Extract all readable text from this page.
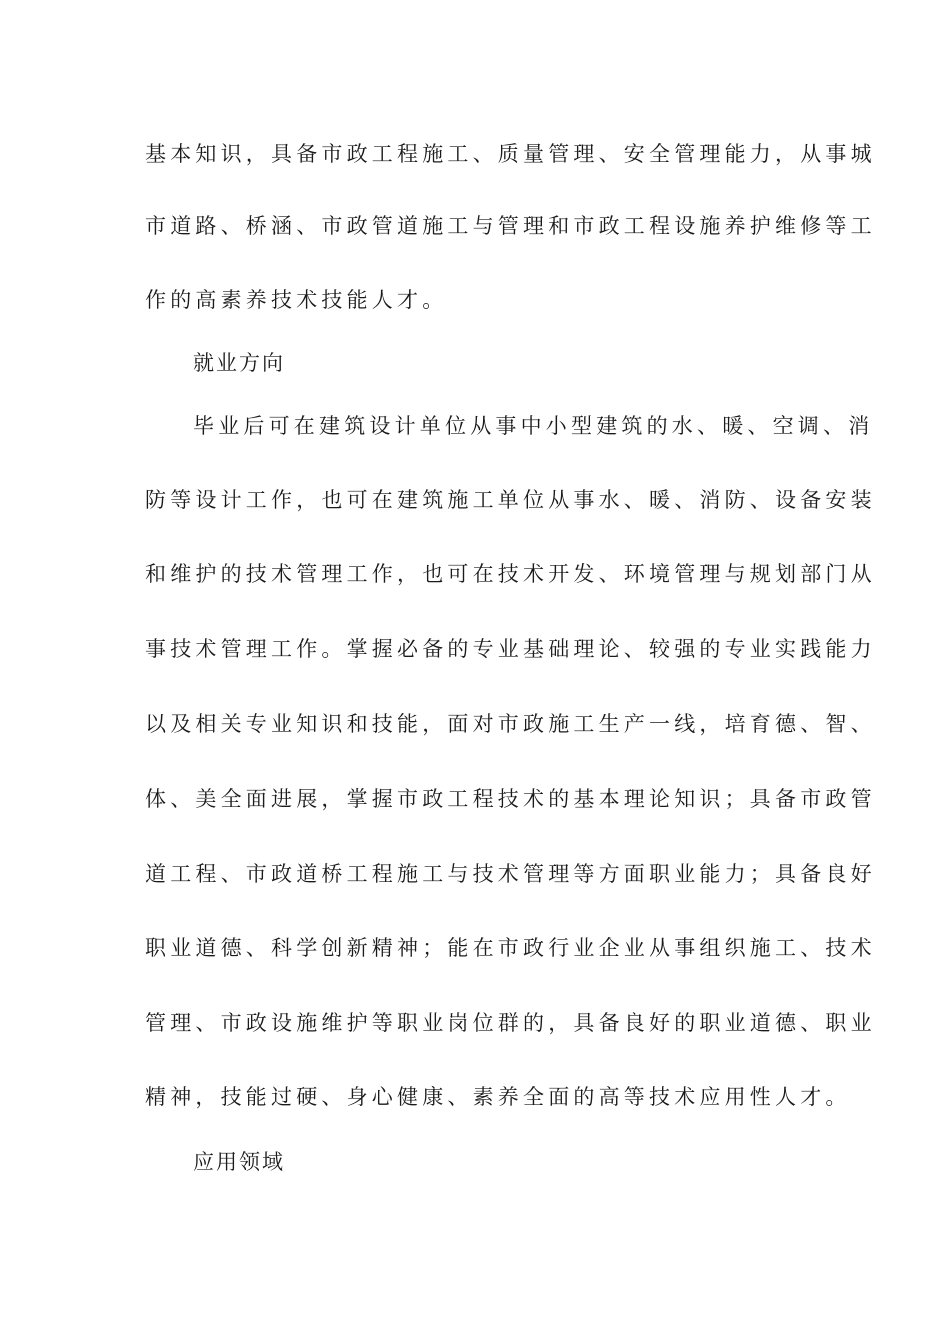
基本知识，具备市政工程施工、质量管理、安全管理能力，从事城
市道路、桥涵、市政管道施工与管理和市政工程设施养护维修等工
作的高素养技术技能人才。
就业方向
毕业后可在建筑设计单位从事中小型建筑的水、暖、空调、消
防等设计工作，也可在建筑施工单位从事水、暖、消防、设备安装
和维护的技术管理工作，也可在技术开发、环境管理与规划部门从
事技术管理工作。掌握必备的专业基础理论、较强的专业实践能力
以及相关专业知识和技能，面对市政施工生产一线，培育德、智、
体、美全面进展，掌握市政工程技术的基本理论知识；具备市政管
道工程、市政道桥工程施工与技术管理等方面职业能力；具备良好
职业道德、科学创新精神；能在市政行业企业从事组织施工、技术
管理、市政设施维护等职业岗位群的，具备良好的职业道德、职业
精神，技能过硬、身心健康、素养全面的高等技术应用性人才。
应用领域
